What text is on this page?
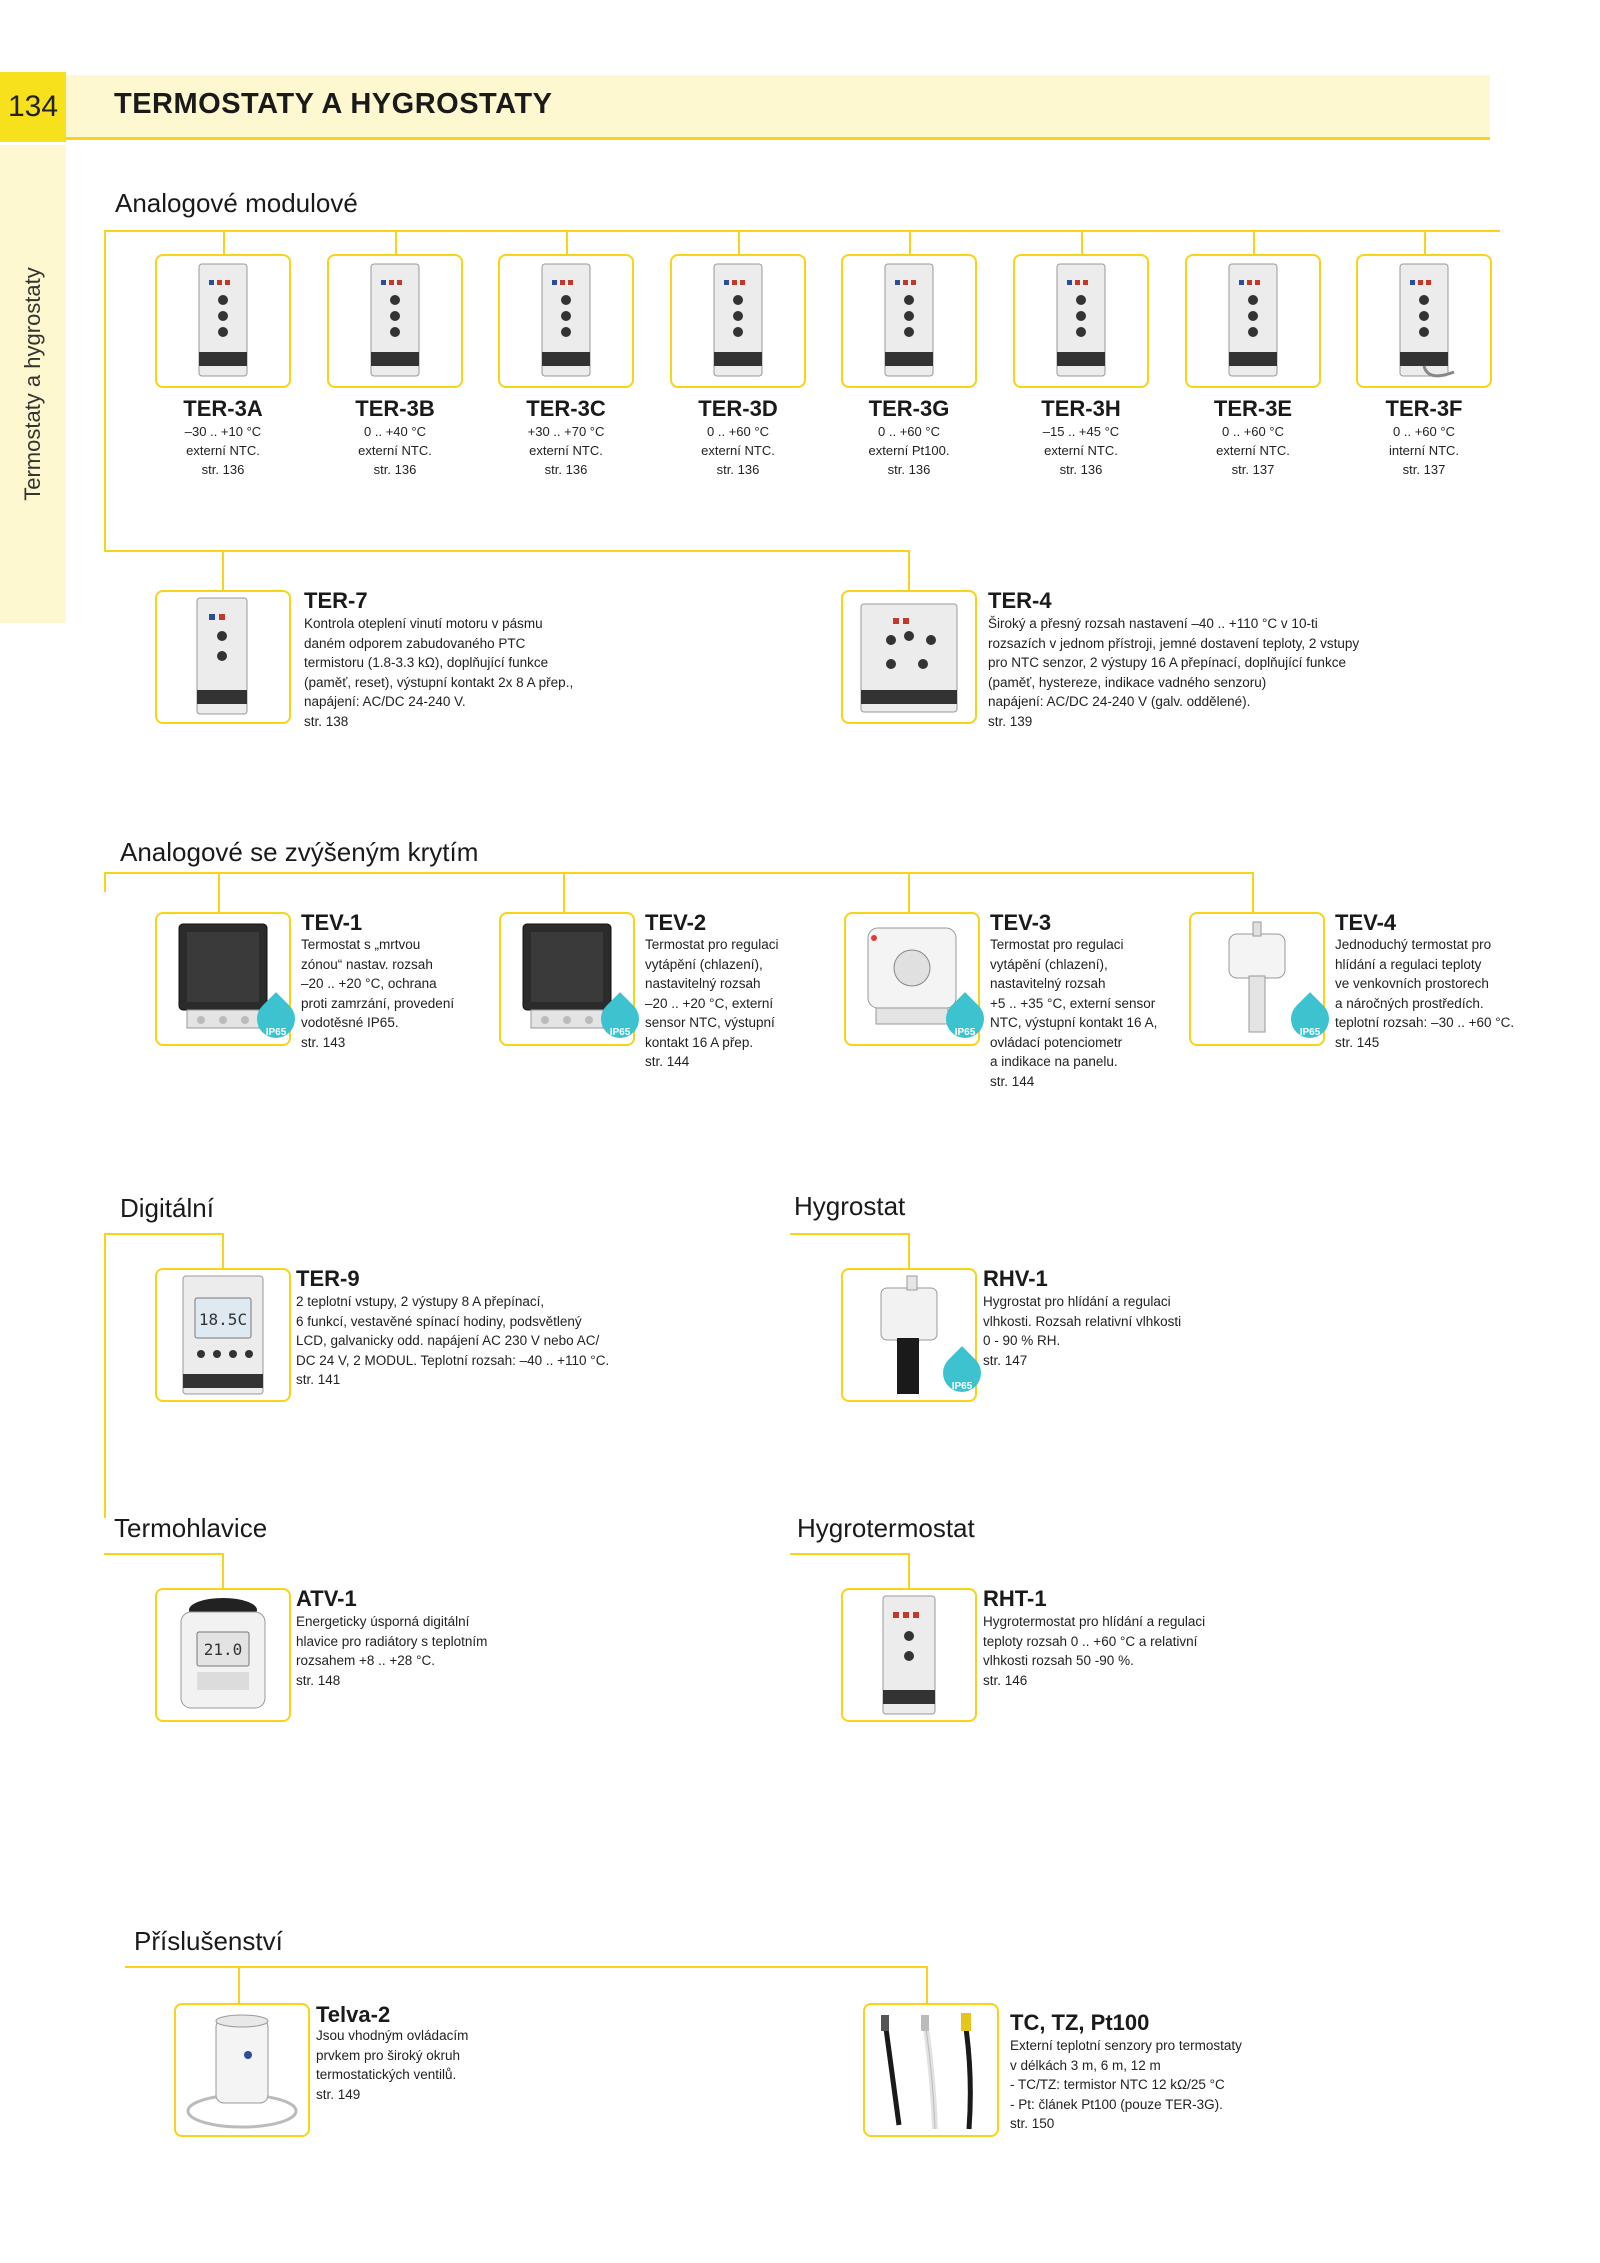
134 TERMOSTATY A HYGROSTATY
Termostaty a hygrostaty
Analogové modulové
TER-3A
–30 .. +10 °C
externí NTC.
str. 136
TER-3B
0 .. +40 °C
externí NTC.
str. 136
TER-3C
+30 .. +70 °C
externí NTC.
str. 136
TER-3D
0 .. +60 °C
externí NTC.
str. 136
TER-3G
0 .. +60 °C
externí Pt100.
str. 136
TER-3H
–15 .. +45 °C
externí NTC.
str. 136
TER-3E
0 .. +60 °C
externí NTC.
str. 137
TER-3F
0 .. +60 °C
interní NTC.
str. 137
TER-7
Kontrola oteplení vinutí motoru v pásmu
daném odporem zabudovaného PTC
termistoru (1.8-3.3 kΩ), doplňující funkce
(paměť, reset), výstupní kontakt 2x 8 A přep.,
napájení: AC/DC 24-240 V.
str. 138
TER-4
Široký a přesný rozsah nastavení –40 .. +110 °C v 10-ti
rozsazích v jednom přístroji, jemné dostavení teploty, 2 vstupy
pro NTC senzor, 2 výstupy 16 A přepínací, doplňující funkce
(paměť, hystereze, indikace vadného senzoru)
napájení: AC/DC 24-240 V (galv. oddělené).
str. 139
Analogové se zvýšeným krytím
IP65
TEV-1
Termostat s „mrtvou
zónou“ nastav. rozsah
–20 .. +20 °C, ochrana
proti zamrzání, provedení
vodotěsné IP65.
str. 143
IP65
TEV-2
Termostat pro regulaci
vytápění (chlazení),
nastavitelný rozsah
–20 .. +20 °C, externí
sensor NTC, výstupní
kontakt 16 A přep.
str. 144
IP65
TEV-3
Termostat pro regulaci
vytápění (chlazení),
nastavitelný rozsah
+5 .. +35 °C, externí sensor
NTC, výstupní kontakt 16 A,
ovládací potenciometr
a indikace na panelu.
str. 144
IP65
TEV-4
Jednoduchý termostat pro
hlídání a regulaci teploty
ve venkovních prostorech
a náročných prostředích.
teplotní rozsah: –30 .. +60 °C.
str. 145
Digitální
18.5C
TER-9
2 teplotní vstupy, 2 výstupy 8 A přepínací,
6 funkcí, vestavěné spínací hodiny, podsvětlený
LCD, galvanicky odd. napájení AC 230 V nebo AC/
DC 24 V, 2 MODUL. Teplotní rozsah: –40 .. +110 °C.
str. 141
Hygrostat
IP65
RHV-1
Hygrostat pro hlídání a regulaci
vlhkosti. Rozsah relativní vlhkosti
0 - 90 % RH.
str. 147
Termohlavice
21.0
ATV-1
Energeticky úsporná digitální
hlavice pro radiátory s teplotním
rozsahem +8 .. +28 °C.
str. 148
Hygrotermostat
RHT-1
Hygrotermostat pro hlídání a regulaci
teploty rozsah 0 .. +60 °C a relativní
vlhkosti rozsah 50 -90 %.
str. 146
Příslušenství
Telva-2
Jsou vhodným ovládacím
prvkem pro široký okruh
termostatických ventilů.
str. 149
TC, TZ, Pt100
Externí teplotní senzory pro termostaty
v délkách 3 m, 6 m, 12 m
- TC/TZ: termistor NTC 12 kΩ/25 °C
- Pt: článek Pt100 (pouze TER-3G).
str. 150
